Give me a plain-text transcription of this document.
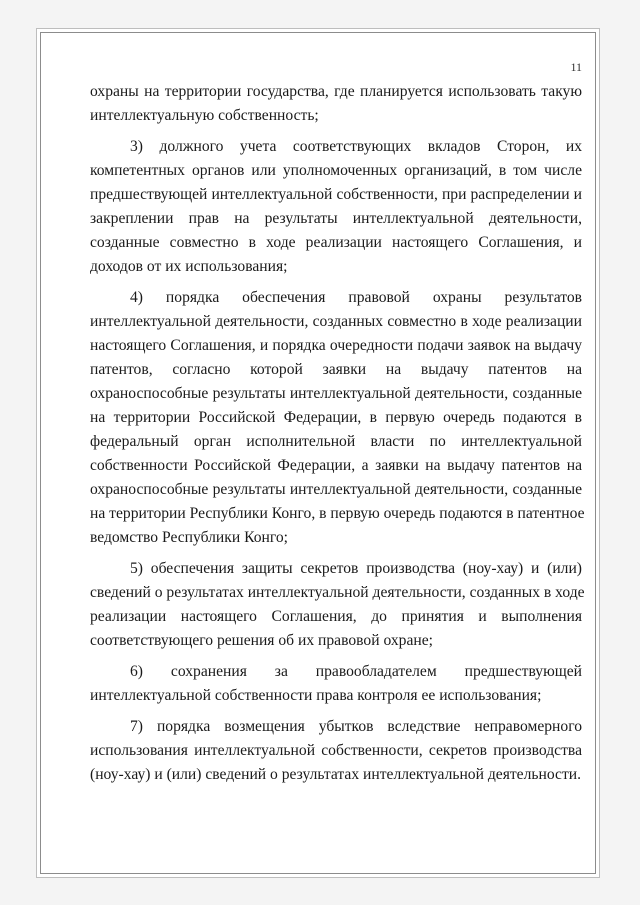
11
охраны на территории государства, где планируется использовать такую
интеллектуальную собственность;
3) должного учета соответствующих вкладов Сторон, их
компетентных органов или уполномоченных организаций, в том числе
предшествующей интеллектуальной собственности, при распределении и
закреплении прав на результаты интеллектуальной деятельности,
созданные совместно в ходе реализации настоящего Соглашения, и
доходов от их использования;
4) порядка обеспечения правовой охраны результатов
интеллектуальной деятельности, созданных совместно в ходе реализации
настоящего Соглашения, и порядка очередности подачи заявок на выдачу
патентов, согласно которой заявки на выдачу патентов на
охраноспособные результаты интеллектуальной деятельности, созданные
на территории Российской Федерации, в первую очередь подаются в
федеральный орган исполнительной власти по интеллектуальной
собственности Российской Федерации, а заявки на выдачу патентов на
охраноспособные результаты интеллектуальной деятельности, созданные
на территории Республики Конго, в первую очередь подаются в патентное
ведомство Республики Конго;
5) обеспечения защиты секретов производства (ноу-хау) и (или)
сведений о результатах интеллектуальной деятельности, созданных в ходе
реализации настоящего Соглашения, до принятия и выполнения
соответствующего решения об их правовой охране;
6) сохранения за правообладателем предшествующей
интеллектуальной собственности права контроля ее использования;
7) порядка возмещения убытков вследствие неправомерного
использования интеллектуальной собственности, секретов производства
(ноу-хау) и (или) сведений о результатах интеллектуальной деятельности.
